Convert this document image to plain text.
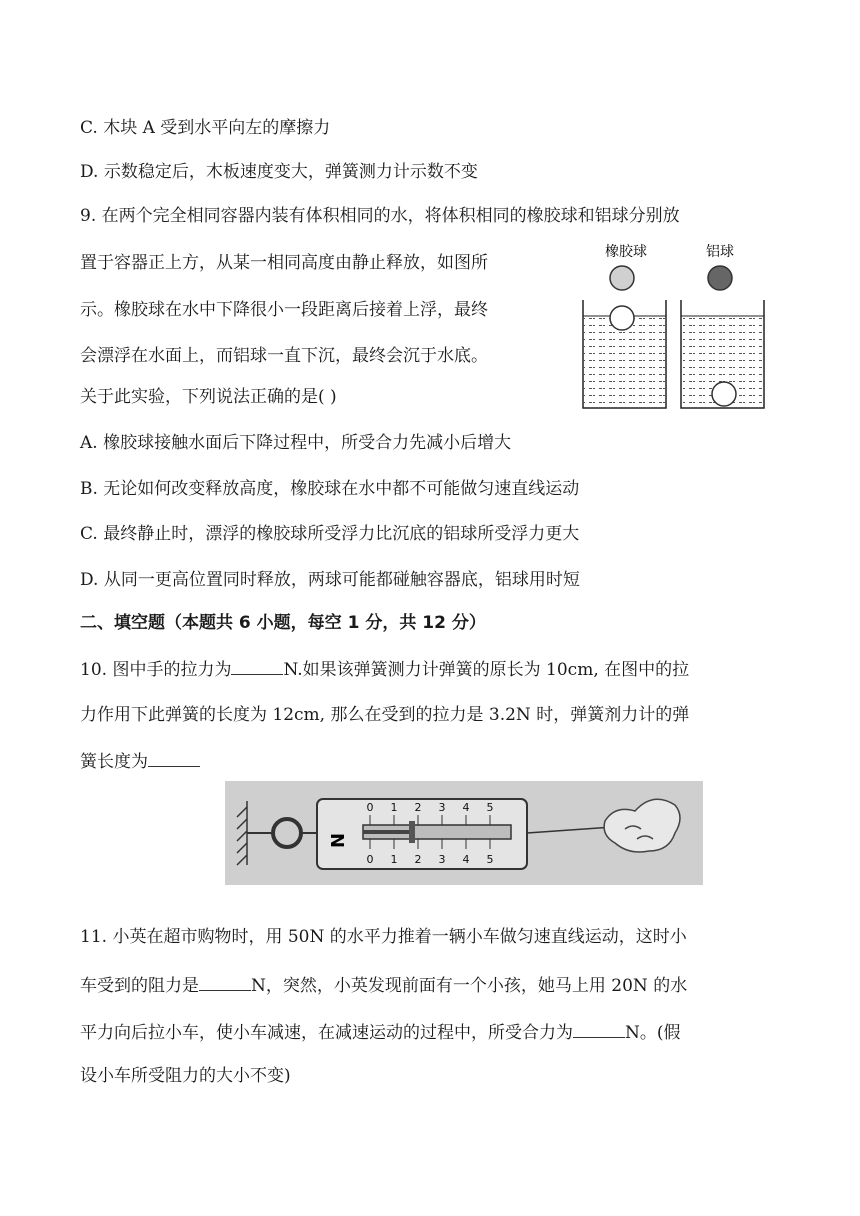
C. 木块 A 受到水平向左的摩擦力
D. 示数稳定后，木板速度变大，弹簧测力计示数不变
9. 在两个完全相同容器内装有体积相同的水，将体积相同的橡胶球和铝球分别放
置于容器正上方，从某一相同高度由静止释放，如图所
示。橡胶球在水中下降很小一段距离后接着上浮，最终
会漂浮在水面上，而铝球一直下沉，最终会沉于水底。
关于此实验，下列说法正确的是( )
橡胶球	铝球
A. 橡胶球接触水面后下降过程中，所受合力先减小后增大
B. 无论如何改变释放高度，橡胶球在水中都不可能做匀速直线运动
C. 最终静止时，漂浮的橡胶球所受浮力比沉底的铝球所受浮力更大
D. 从同一更高位置同时释放，两球可能都碰触容器底，铝球用时短
二、填空题（本题共 6 小题，每空 1 分，共 12 分）
10. 图中手的拉力为	N.如果该弹簧测力计弹簧的原长为 10cm, 在图中的拉
力作用下此弹簧的长度为 12cm, 那么在受到的拉力是 3.2N 时，弹簧剂力计的弹
簧长度为
N
0 1 2 3 4 5
0 1 2 3 4 5
11. 小英在超市购物时，用 50N 的水平力推着一辆小车做匀速直线运动，这时小
车受到的阻力是	N，突然，小英发现前面有一个小孩，她马上用 20N 的水
平力向后拉小车，使小车减速，在减速运动的过程中，所受合力为	N。(假
设小车所受阻力的大小不变)
